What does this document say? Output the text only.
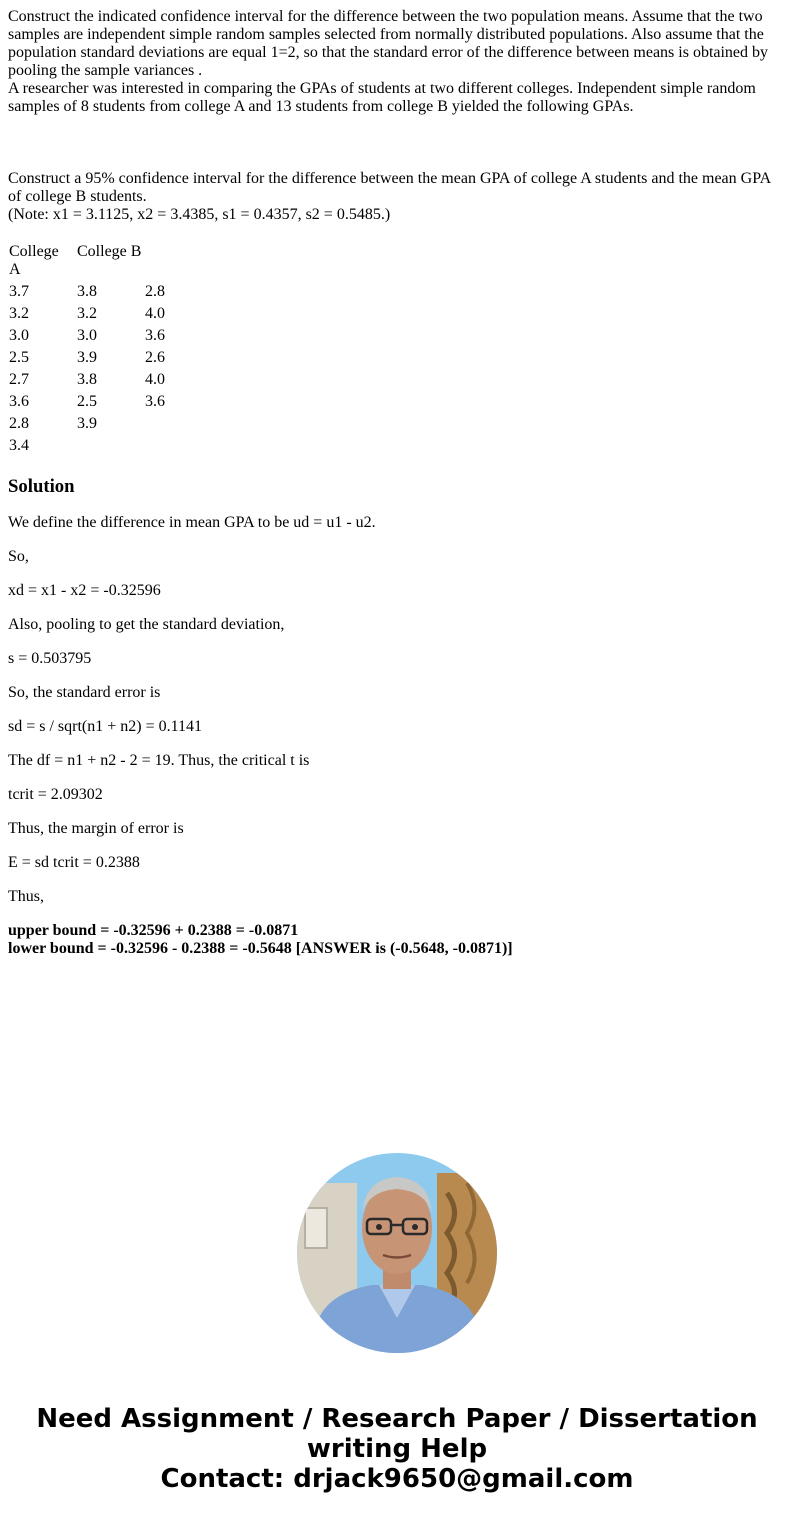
Construct the indicated confidence interval for the difference between the two population means. Assume that the two samples are independent simple random samples selected from normally distributed populations. Also assume that the population standard deviations are equal 1=2, so that the standard error of the difference between means is obtained by pooling the sample variances .

A researcher was interested in comparing the GPAs of students at two different colleges. Independent simple random samples of 8 students from college A and 13 students from college B yielded the following GPAs.

Construct a 95% confidence interval for the difference between the mean GPA of college A students and the mean GPA of college B students.

(Note: x1 = 3.1125, x2 = 3.4385, s1 = 0.4357, s2 = 0.5485.)

College A	College B	
3.7	3.8	2.8
3.2	3.2	4.0
3.0	3.0	3.6
2.5	3.9	2.6
2.7	3.8	4.0
3.6	2.5	3.6
2.8	3.9	
3.4		
Solution

We define the difference in mean GPA to be ud = u1 - u2.

So,

xd = x1 - x2 = -0.32596

Also, pooling to get the standard deviation,

s = 0.503795

So, the standard error is

sd = s / sqrt(n1 + n2) = 0.1141

The df = n1 + n2 - 2 = 19. Thus, the critical t is

tcrit = 2.09302

Thus, the margin of error is

E = sd tcrit = 0.2388

Thus,

upper bound = -0.32596 + 0.2388 = -0.0871
lower bound = -0.32596 - 0.2388 = -0.5648 [ANSWER is (-0.5648, -0.0871)]

Need Assignment / Research Paper / Dissertation
writing Help
Contact: drjack9650@gmail.com
